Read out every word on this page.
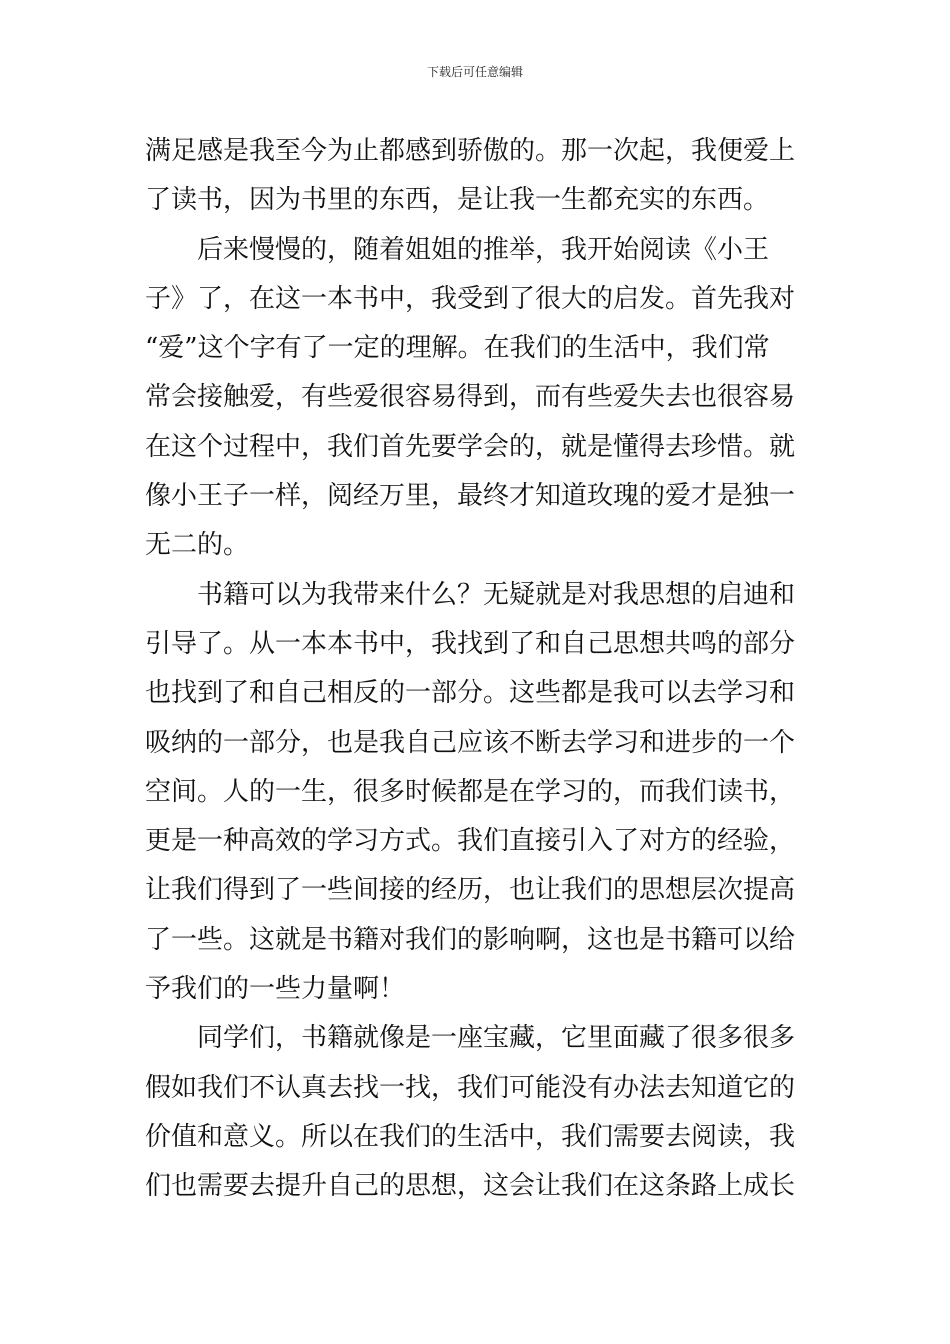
下载后可任意编辑
满足感是我至今为止都感到骄傲的。那一次起，我便爱上
了读书，因为书里的东西，是让我一生都充实的东西。
后来慢慢的，随着姐姐的推举，我开始阅读《小王
子》了，在这一本书中，我受到了很大的启发。首先我对
“爱”这个字有了一定的理解。在我们的生活中，我们常
常会接触爱，有些爱很容易得到，而有些爱失去也很容易
在这个过程中，我们首先要学会的，就是懂得去珍惜。就
像小王子一样，阅经万里，最终才知道玫瑰的爱才是独一
无二的。
书籍可以为我带来什么？无疑就是对我思想的启迪和
引导了。从一本本书中，我找到了和自己思想共鸣的部分
也找到了和自己相反的一部分。这些都是我可以去学习和
吸纳的一部分，也是我自己应该不断去学习和进步的一个
空间。人的一生，很多时候都是在学习的，而我们读书，
更是一种高效的学习方式。我们直接引入了对方的经验，
让我们得到了一些间接的经历，也让我们的思想层次提高
了一些。这就是书籍对我们的影响啊，这也是书籍可以给
予我们的一些力量啊！
同学们，书籍就像是一座宝藏，它里面藏了很多很多
假如我们不认真去找一找，我们可能没有办法去知道它的
价值和意义。所以在我们的生活中，我们需要去阅读，我
们也需要去提升自己的思想，这会让我们在这条路上成长
